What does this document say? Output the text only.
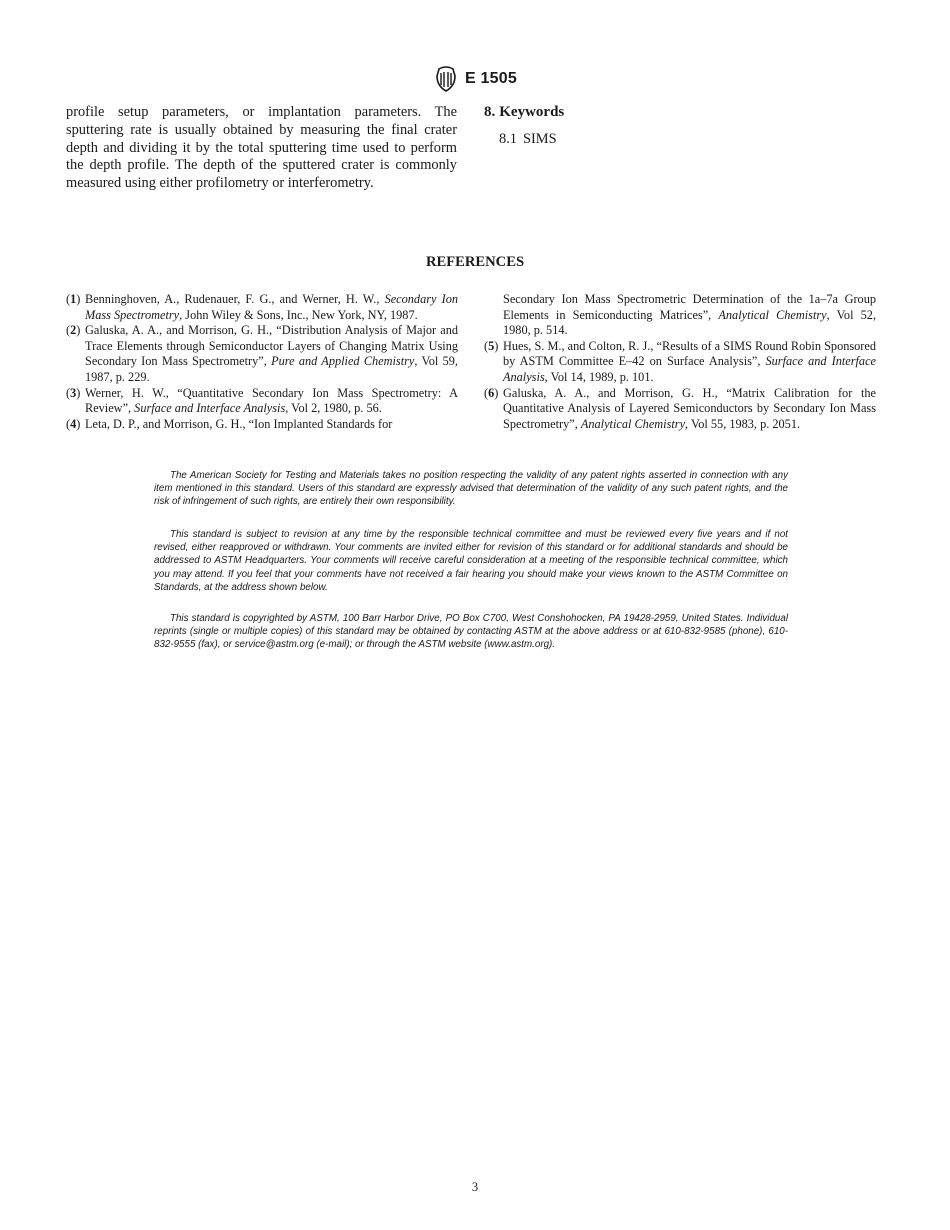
E 1505
profile setup parameters, or implantation parameters. The sputtering rate is usually obtained by measuring the final crater depth and dividing it by the total sputtering time used to perform the depth profile. The depth of the sputtered crater is commonly measured using either profilometry or interferometry.
8. Keywords
8.1 SIMS
REFERENCES
(1) Benninghoven, A., Rudenauer, F. G., and Werner, H. W., Secondary Ion Mass Spectrometry, John Wiley & Sons, Inc., New York, NY, 1987.
(2) Galuska, A. A., and Morrison, G. H., “Distribution Analysis of Major and Trace Elements through Semiconductor Layers of Changing Matrix Using Secondary Ion Mass Spectrometry”, Pure and Applied Chemistry, Vol 59, 1987, p. 229.
(3) Werner, H. W., “Quantitative Secondary Ion Mass Spectrometry: A Review”, Surface and Interface Analysis, Vol 2, 1980, p. 56.
(4) Leta, D. P., and Morrison, G. H., “Ion Implanted Standards for
Secondary Ion Mass Spectrometric Determination of the 1a–7a Group Elements in Semiconducting Matrices”, Analytical Chemistry, Vol 52, 1980, p. 514.
(5) Hues, S. M., and Colton, R. J., “Results of a SIMS Round Robin Sponsored by ASTM Committee E–42 on Surface Analysis”, Surface and Interface Analysis, Vol 14, 1989, p. 101.
(6) Galuska, A. A., and Morrison, G. H., “Matrix Calibration for the Quantitative Analysis of Layered Semiconductors by Secondary Ion Mass Spectrometry”, Analytical Chemistry, Vol 55, 1983, p. 2051.
The American Society for Testing and Materials takes no position respecting the validity of any patent rights asserted in connection with any item mentioned in this standard. Users of this standard are expressly advised that determination of the validity of any such patent rights, and the risk of infringement of such rights, are entirely their own responsibility.
This standard is subject to revision at any time by the responsible technical committee and must be reviewed every five years and if not revised, either reapproved or withdrawn. Your comments are invited either for revision of this standard or for additional standards and should be addressed to ASTM Headquarters. Your comments will receive careful consideration at a meeting of the responsible technical committee, which you may attend. If you feel that your comments have not received a fair hearing you should make your views known to the ASTM Committee on Standards, at the address shown below.
This standard is copyrighted by ASTM, 100 Barr Harbor Drive, PO Box C700, West Conshohocken, PA 19428-2959, United States. Individual reprints (single or multiple copies) of this standard may be obtained by contacting ASTM at the above address or at 610-832-9585 (phone), 610-832-9555 (fax), or service@astm.org (e-mail); or through the ASTM website (www.astm.org).
3
